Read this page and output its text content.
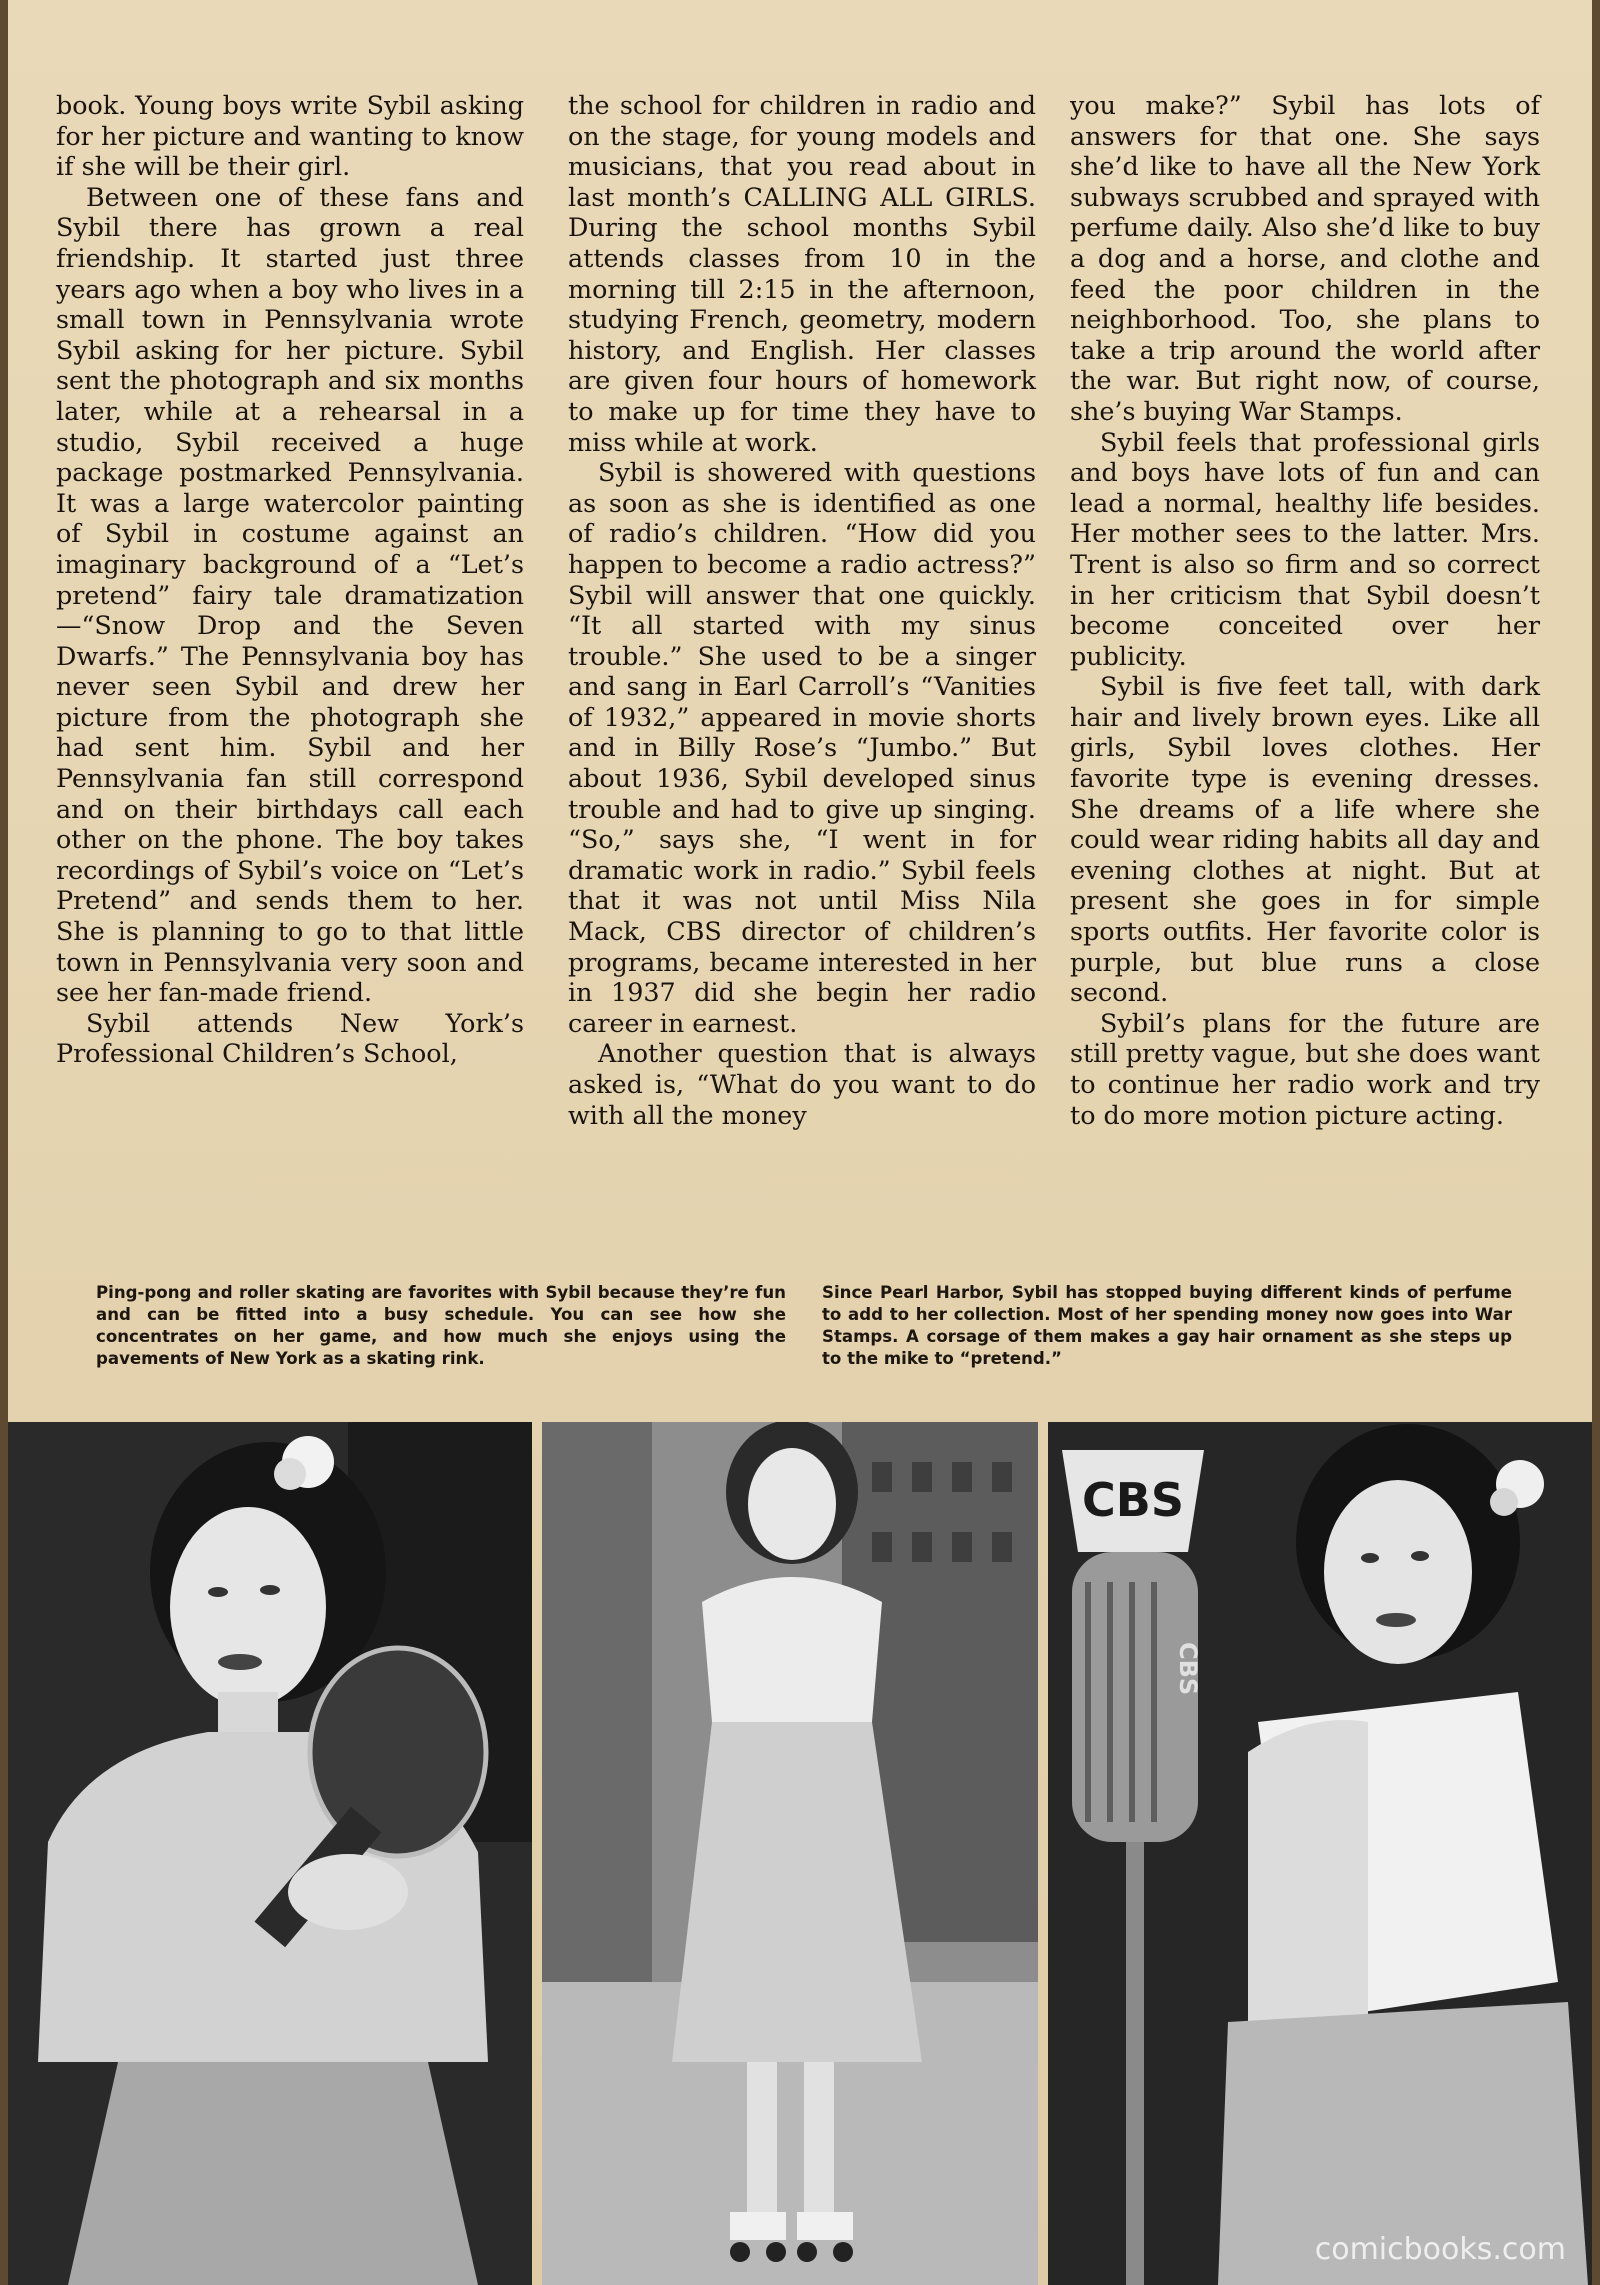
book. Young boys write Sybil asking for her picture and wanting to know if she will be their girl.

Between one of these fans and Sybil there has grown a real friendship. It started just three years ago when a boy who lives in a small town in Pennsylvania wrote Sybil asking for her picture. Sybil sent the photograph and six months later, while at a rehearsal in a studio, Sybil received a huge package postmarked Pennsylvania. It was a large watercolor painting of Sybil in costume against an imaginary background of a “Let’s pretend” fairy tale dramatization—“Snow Drop and the Seven Dwarfs.” The Pennsylvania boy has never seen Sybil and drew her picture from the photograph she had sent him. Sybil and her Pennsylvania fan still correspond and on their birthdays call each other on the phone. The boy takes recordings of Sybil’s voice on “Let’s Pretend” and sends them to her. She is planning to go to that little town in Pennsylvania very soon and see her fan-made friend.

Sybil attends New York’s Professional Children’s School,

the school for children in radio and on the stage, for young models and musicians, that you read about in last month’s CALLING ALL GIRLS. During the school months Sybil attends classes from 10 in the morning till 2:15 in the afternoon, studying French, geometry, modern history, and English. Her classes are given four hours of homework to make up for time they have to miss while at work.

Sybil is showered with questions as soon as she is identified as one of radio’s children. “How did you happen to become a radio actress?” Sybil will answer that one quickly. “It all started with my sinus trouble.” She used to be a singer and sang in Earl Carroll’s “Vanities of 1932,” appeared in movie shorts and in Billy Rose’s “Jumbo.” But about 1936, Sybil developed sinus trouble and had to give up singing. “So,” says she, “I went in for dramatic work in radio.” Sybil feels that it was not until Miss Nila Mack, CBS director of children’s programs, became interested in her in 1937 did she begin her radio career in earnest.

Another question that is always asked is, “What do you want to do with all the money

you make?” Sybil has lots of answers for that one. She says she’d like to have all the New York subways scrubbed and sprayed with perfume daily. Also she’d like to buy a dog and a horse, and clothe and feed the poor children in the neighborhood. Too, she plans to take a trip around the world after the war. But right now, of course, she’s buying War Stamps.

Sybil feels that professional girls and boys have lots of fun and can lead a normal, healthy life besides. Her mother sees to the latter. Mrs. Trent is also so firm and so correct in her criticism that Sybil doesn’t become conceited over her publicity.

Sybil is five feet tall, with dark hair and lively brown eyes. Like all girls, Sybil loves clothes. Her favorite type is evening dresses. She dreams of a life where she could wear riding habits all day and evening clothes at night. But at present she goes in for simple sports outfits. Her favorite color is purple, but blue runs a close second.

Sybil’s plans for the future are still pretty vague, but she does want to continue her radio work and try to do more motion picture acting.

Ping-pong and roller skating are favorites with Sybil because they’re fun and can be fitted into a busy schedule. You can see how she concentrates on her game, and how much she enjoys using the pavements of New York as a skating rink.
Since Pearl Harbor, Sybil has stopped buying different kinds of perfume to add to her collection. Most of her spending money now goes into War Stamps. A corsage of them makes a gay hair ornament as she steps up to the mike to “pretend.”
CBS
CBS
comicbooks.com
